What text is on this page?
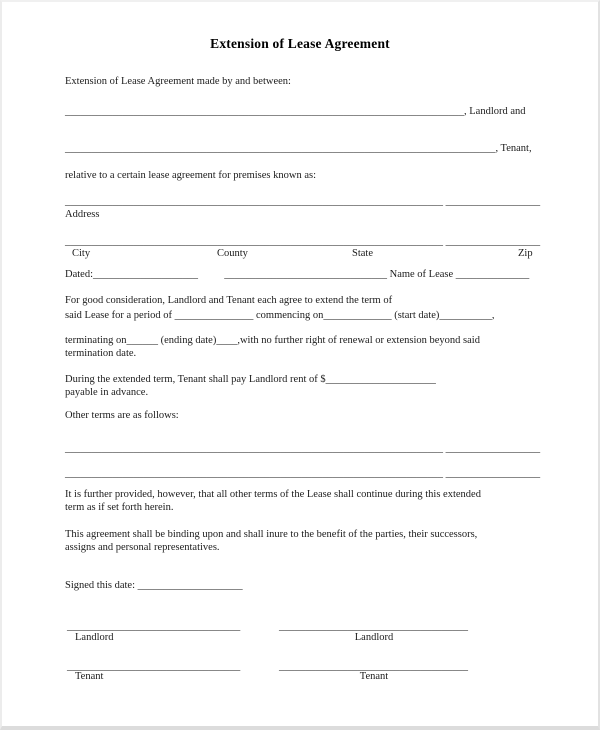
Extension of Lease Agreement
Extension of Lease Agreement made by and between:
____________________________________________________________________________, Landlord and
__________________________________________________________________________________, Tenant,
relative to a certain lease agreement for premises known as:
________________________________________________________________________ __________________
Address
________________________________________________________________________ __________________
City	County	State	Zip
Dated:____________________          _______________________________ Name of Lease ______________
For good consideration, Landlord and Tenant each agree to extend the term of
said Lease for a period of _______________ commencing on_____________ (start date)__________,
terminating on______ (ending date)____,with no further right of renewal or extension beyond said
termination date.
During the extended term, Tenant shall pay Landlord rent of $_____________________
payable in advance.
Other terms are as follows:
________________________________________________________________________ __________________
________________________________________________________________________ __________________
It is further provided, however, that all other terms of the Lease shall continue during this extended
term as if set forth herein.
This agreement shall be binding upon and shall inure to the benefit of the parties, their successors,
assigns and personal representatives.
Signed this date: ____________________
_________________________________	____________________________________
Landlord	Landlord
_________________________________	____________________________________
Tenant	Tenant
